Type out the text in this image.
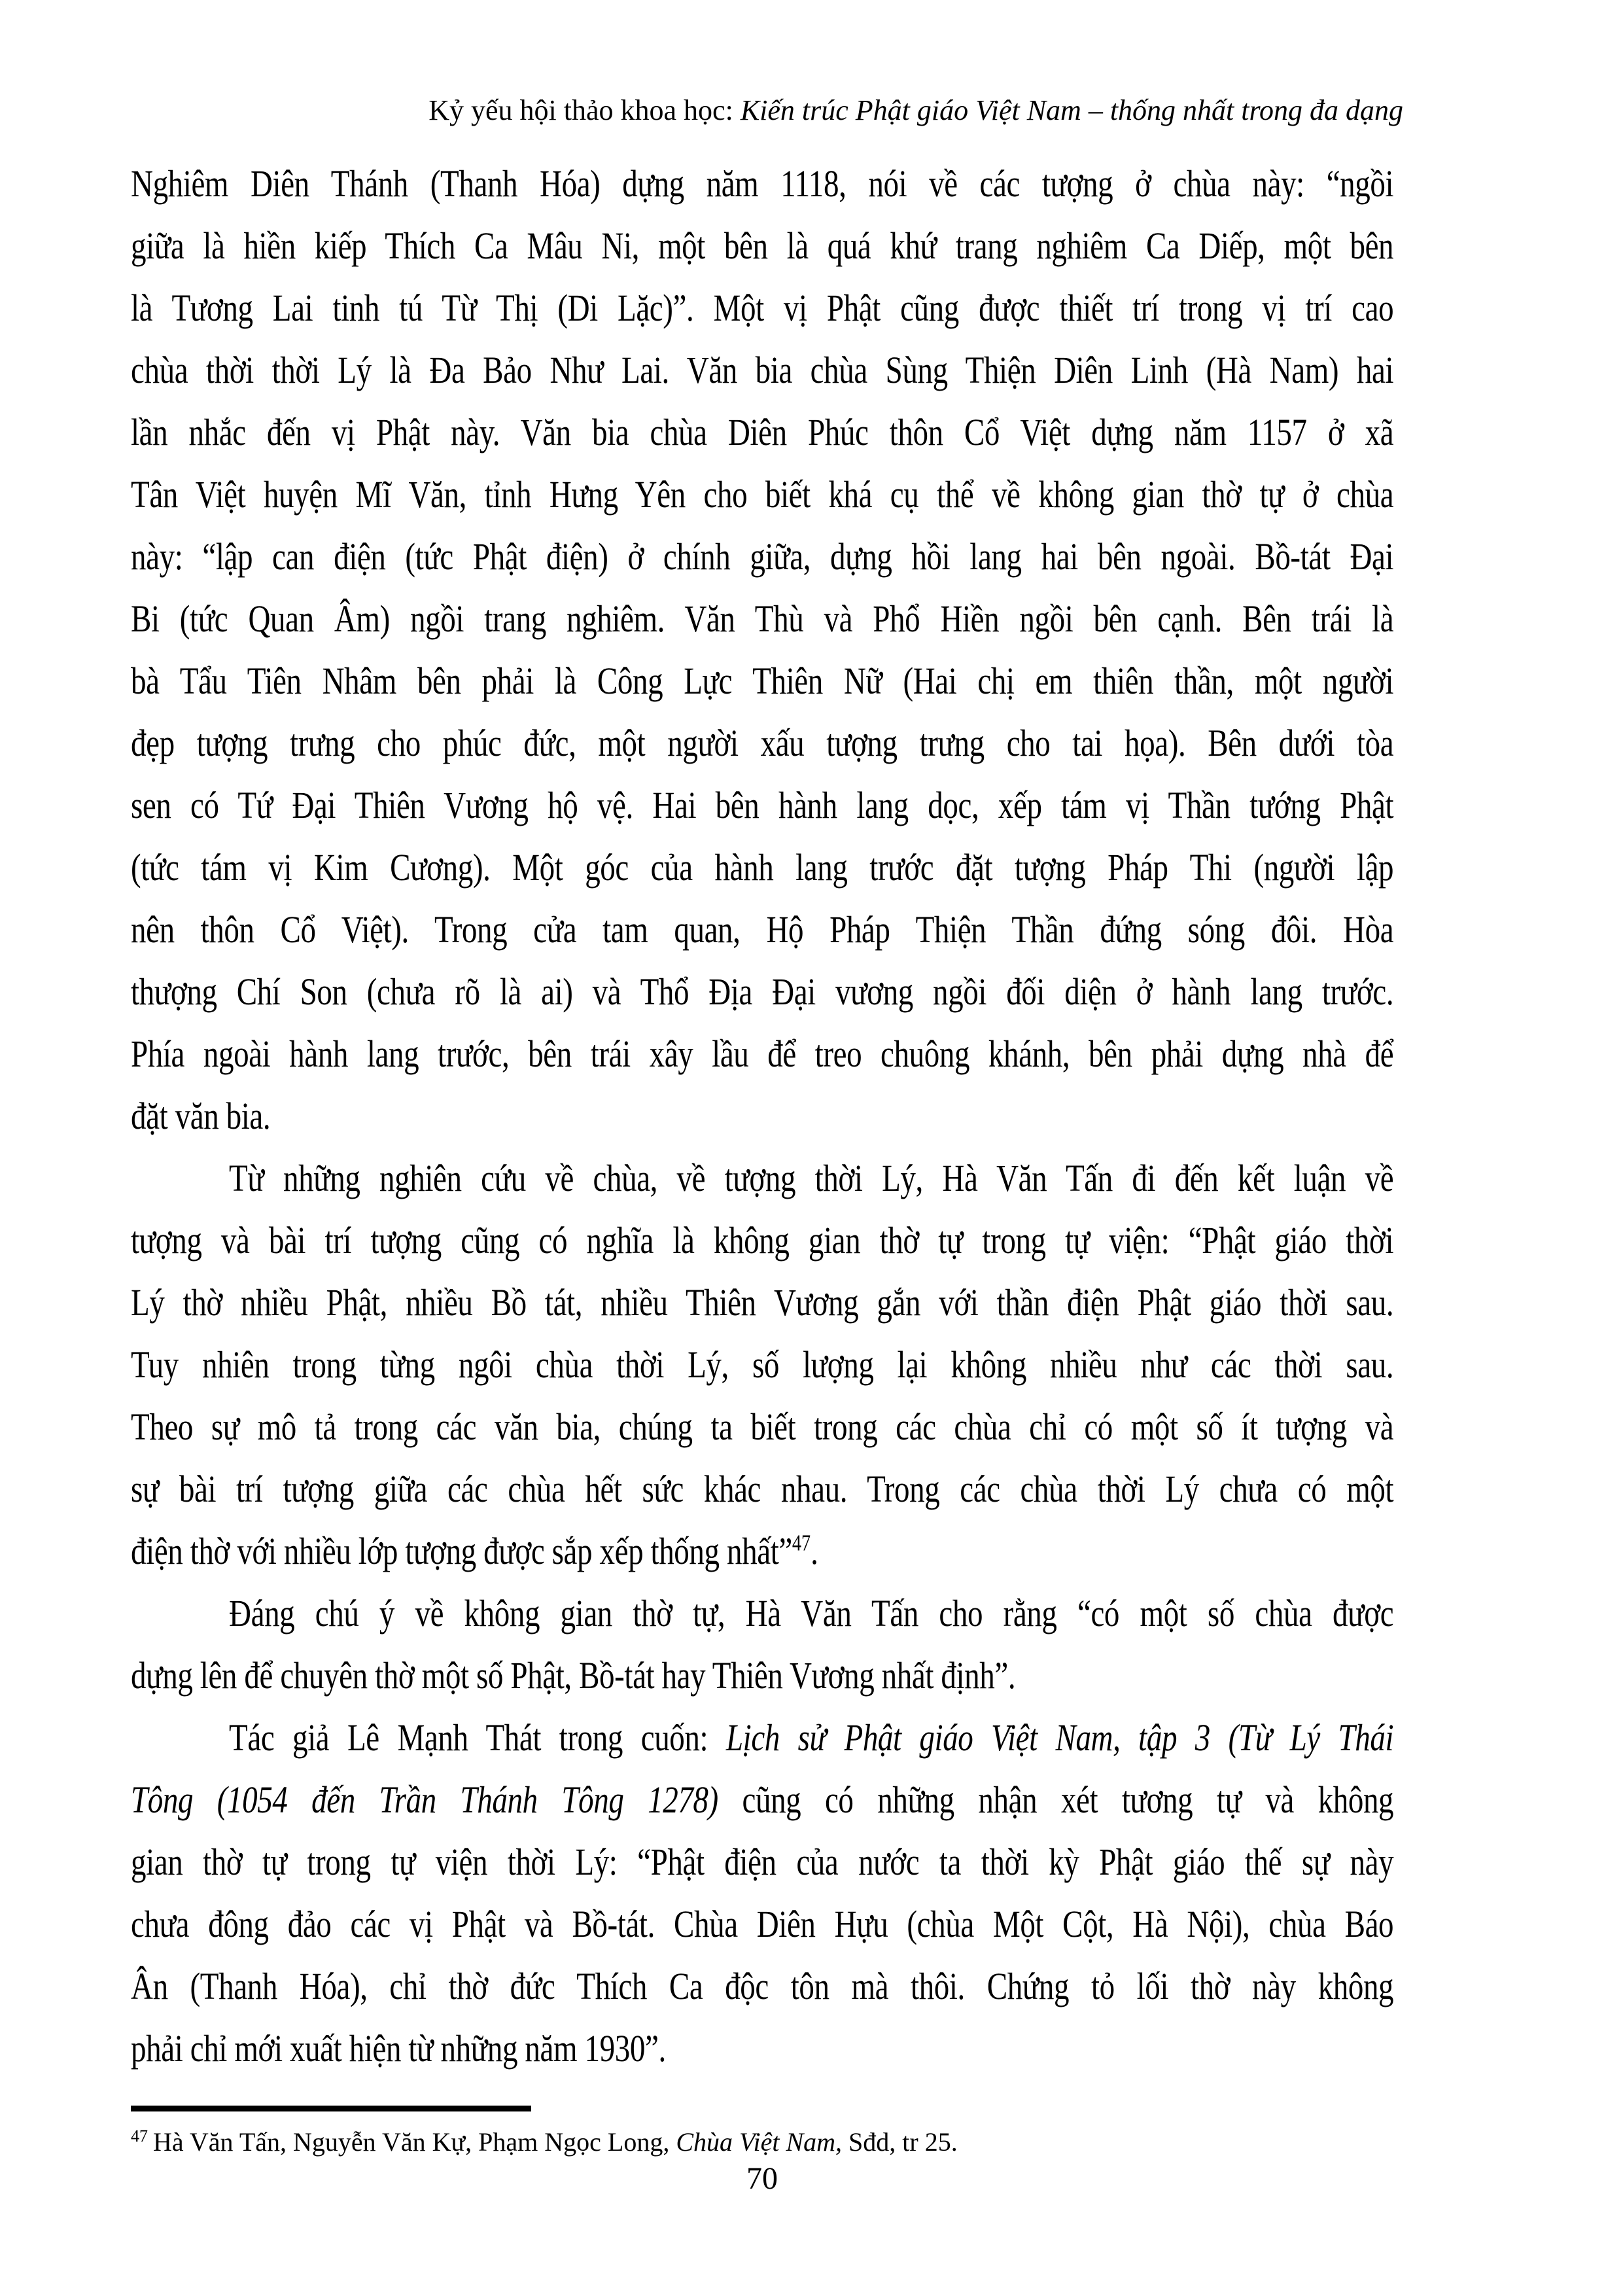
Kỷ yếu hội thảo khoa học: Kiến trúc Phật giáo Việt Nam – thống nhất trong đa dạng
Nghiêm Diên Thánh (Thanh Hóa) dựng năm 1118, nói về các tượng ở chùa này: “ngồi
giữa là hiền kiếp Thích Ca Mâu Ni, một bên là quá khứ trang nghiêm Ca Diếp, một bên
là Tương Lai tinh tú Từ Thị (Di Lặc)”. Một vị Phật cũng được thiết trí trong vị trí cao
chùa thời thời Lý là Đa Bảo Như Lai. Văn bia chùa Sùng Thiện Diên Linh (Hà Nam) hai
lần nhắc đến vị Phật này. Văn bia chùa Diên Phúc thôn Cổ Việt dựng năm 1157 ở xã
Tân Việt huyện Mĩ Văn, tỉnh Hưng Yên cho biết khá cụ thể về không gian thờ tự ở chùa
này: “lập can điện (tức Phật điện) ở chính giữa, dựng hồi lang hai bên ngoài. Bồ-tát Đại
Bi (tức Quan Âm) ngồi trang nghiêm. Văn Thù và Phổ Hiền ngồi bên cạnh. Bên trái là
bà Tẩu Tiên Nhâm bên phải là Công Lực Thiên Nữ (Hai chị em thiên thần, một người
đẹp tượng trưng cho phúc đức, một người xấu tượng trưng cho tai họa). Bên dưới tòa
sen có Tứ Đại Thiên Vương hộ vệ. Hai bên hành lang dọc, xếp tám vị Thần tướng Phật
(tức tám vị Kim Cương). Một góc của hành lang trước đặt tượng Pháp Thi (người lập
nên thôn Cổ Việt). Trong cửa tam quan, Hộ Pháp Thiện Thần đứng sóng đôi. Hòa
thượng Chí Son (chưa rõ là ai) và Thổ Địa Đại vương ngồi đối diện ở hành lang trước.
Phía ngoài hành lang trước, bên trái xây lầu để treo chuông khánh, bên phải dựng nhà để
đặt văn bia.
Từ những nghiên cứu về chùa, về tượng thời Lý, Hà Văn Tấn đi đến kết luận về
tượng và bài trí tượng cũng có nghĩa là không gian thờ tự trong tự viện: “Phật giáo thời
Lý thờ nhiều Phật, nhiều Bồ tát, nhiều Thiên Vương gắn với thần điện Phật giáo thời sau.
Tuy nhiên trong từng ngôi chùa thời Lý, số lượng lại không nhiều như các thời sau.
Theo sự mô tả trong các văn bia, chúng ta biết trong các chùa chỉ có một số ít tượng và
sự bài trí tượng giữa các chùa hết sức khác nhau. Trong các chùa thời Lý chưa có một
điện thờ với nhiều lớp tượng được sắp xếp thống nhất”$^{47}$.
Đáng chú ý về không gian thờ tự, Hà Văn Tấn cho rằng “có một số chùa được
dựng lên để chuyên thờ một số Phật, Bồ-tát hay Thiên Vương nhất định”.
Tác giả Lê Mạnh Thát trong cuốn: Lịch sử Phật giáo Việt Nam, tập 3 (Từ Lý Thái
Tông (1054 đến Trần Thánh Tông 1278) cũng có những nhận xét tương tự và không
gian thờ tự trong tự viện thời Lý: “Phật điện của nước ta thời kỳ Phật giáo thế sự này
chưa đông đảo các vị Phật và Bồ-tát. Chùa Diên Hựu (chùa Một Cột, Hà Nội), chùa Báo
Ân (Thanh Hóa), chỉ thờ đức Thích Ca độc tôn mà thôi. Chứng tỏ lối thờ này không
phải chỉ mới xuất hiện từ những năm 1930”.
$^{47}$ Hà Văn Tấn, Nguyễn Văn Kự, Phạm Ngọc Long, Chùa Việt Nam, Sđd, tr 25.
70
